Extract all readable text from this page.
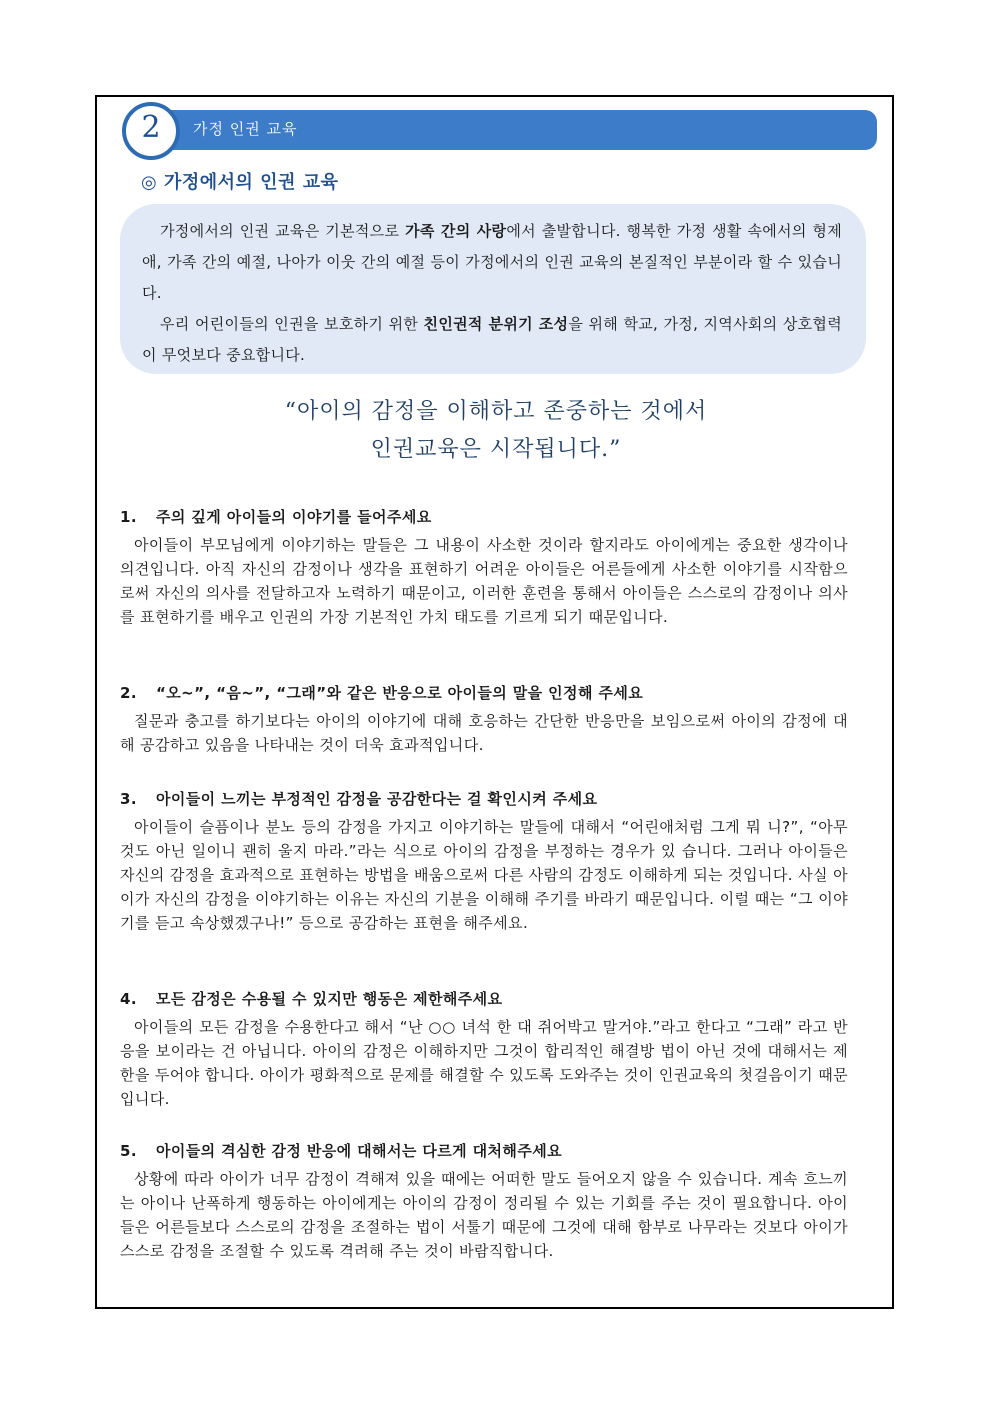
가정 인권 교육
2
◎ 가정에서의 인권 교육

가정에서의 인권 교육은 기본적으로 가족 간의 사랑에서 출발합니다. 행복한 가정 생활 속에서의 형제애, 가족 간의 예절, 나아가 이웃 간의 예절 등이 가정에서의 인권 교육의 본질적인 부분이라 할 수 있습니다.

우리 어린이들의 인권을 보호하기 위한 친인권적 분위기 조성을 위해 학교, 가정, 지역사회의 상호협력이 무엇보다 중요합니다.

“아이의 감정을 이해하고 존중하는 것에서
인권교육은 시작됩니다.”
1. 주의 깊게 아이들의 이야기를 들어주세요

아이들이 부모님에게 이야기하는 말들은 그 내용이 사소한 것이라 할지라도 아이에게는 중요한 생각이나 의견입니다. 아직 자신의 감정이나 생각을 표현하기 어려운 아이들은 어른들에게 사소한 이야기를 시작함으로써 자신의 의사를 전달하고자 노력하기 때문이고, 이러한 훈련을 통해서 아이들은 스스로의 감정이나 의사를 표현하기를 배우고 인권의 가장 기본적인 가치 태도를 기르게 되기 때문입니다.

2. “오~”, “음~”, “그래”와 같은 반응으로 아이들의 말을 인정해 주세요

질문과 충고를 하기보다는 아이의 이야기에 대해 호응하는 간단한 반응만을 보임으로써 아이의 감정에 대해 공감하고 있음을 나타내는 것이 더욱 효과적입니다.

3. 아이들이 느끼는 부정적인 감정을 공감한다는 걸 확인시켜 주세요

아이들이 슬픔이나 분노 등의 감정을 가지고 이야기하는 말들에 대해서 “어린애처럼 그게 뭐 니?”, “아무것도 아닌 일이니 괜히 울지 마라.”라는 식으로 아이의 감정을 부정하는 경우가 있 습니다. 그러나 아이들은 자신의 감정을 효과적으로 표현하는 방법을 배움으로써 다른 사람의 감정도 이해하게 되는 것입니다. 사실 아이가 자신의 감정을 이야기하는 이유는 자신의 기분을 이해해 주기를 바라기 때문입니다. 이럴 때는 “그 이야기를 듣고 속상했겠구나!” 등으로 공감하는 표현을 해주세요.

4. 모든 감정은 수용될 수 있지만 행동은 제한해주세요

아이들의 모든 감정을 수용한다고 해서 “난 ○○ 녀석 한 대 쥐어박고 말거야.”라고 한다고 “그래” 라고 반응을 보이라는 건 아닙니다. 아이의 감정은 이해하지만 그것이 합리적인 해결방 법이 아닌 것에 대해서는 제한을 두어야 합니다. 아이가 평화적으로 문제를 해결할 수 있도록 도와주는 것이 인권교육의 첫걸음이기 때문입니다.

5. 아이들의 격심한 감정 반응에 대해서는 다르게 대처해주세요

상황에 따라 아이가 너무 감정이 격해져 있을 때에는 어떠한 말도 들어오지 않을 수 있습니다. 계속 흐느끼는 아이나 난폭하게 행동하는 아이에게는 아이의 감정이 정리될 수 있는 기회를 주는 것이 필요합니다. 아이들은 어른들보다 스스로의 감정을 조절하는 법이 서툴기 때문에 그것에 대해 함부로 나무라는 것보다 아이가 스스로 감정을 조절할 수 있도록 격려해 주는 것이 바람직합니다.
